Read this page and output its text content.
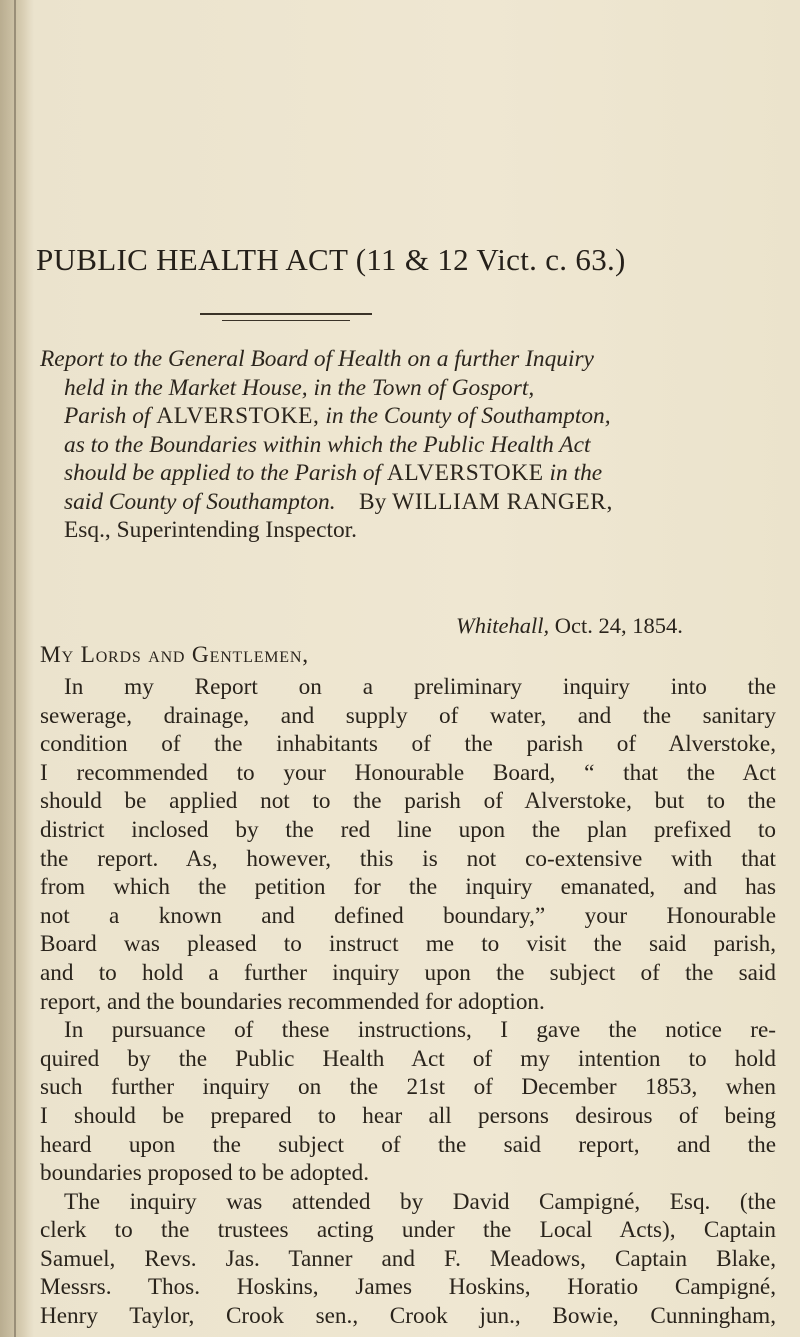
PUBLIC HEALTH ACT (11 & 12 Vict. c. 63.)
Report to the General Board of Health on a further Inquiry
held in the Market House, in the Town of Gosport,
Parish of ALVERSTOKE, in the County of Southampton,
as to the Boundaries within which the Public Health Act
should be applied to the Parish of ALVERSTOKE in the
said County of Southampton. By WILLIAM RANGER,
Esq., Superintending Inspector.
Whitehall, Oct. 24, 1854.
My Lords and Gentlemen,
In my Report on a preliminary inquiry into the
sewerage, drainage, and supply of water, and the sanitary
condition of the inhabitants of the parish of Alverstoke,
I recommended to your Honourable Board, “ that the Act
should be applied not to the parish of Alverstoke, but to the
district inclosed by the red line upon the plan prefixed to
the report. As, however, this is not co-extensive with that
from which the petition for the inquiry emanated, and has
not a known and defined boundary,” your Honourable
Board was pleased to instruct me to visit the said parish,
and to hold a further inquiry upon the subject of the said
report, and the boundaries recommended for adoption.
In pursuance of these instructions, I gave the notice re-
quired by the Public Health Act of my intention to hold
such further inquiry on the 21st of December 1853, when
I should be prepared to hear all persons desirous of being
heard upon the subject of the said report, and the
boundaries proposed to be adopted.
The inquiry was attended by David Campigné, Esq. (the
clerk to the trustees acting under the Local Acts), Captain
Samuel, Revs. Jas. Tanner and F. Meadows, Captain Blake,
Messrs. Thos. Hoskins, James Hoskins, Horatio Campigné,
Henry Taylor, Crook sen., Crook jun., Bowie, Cunningham,
